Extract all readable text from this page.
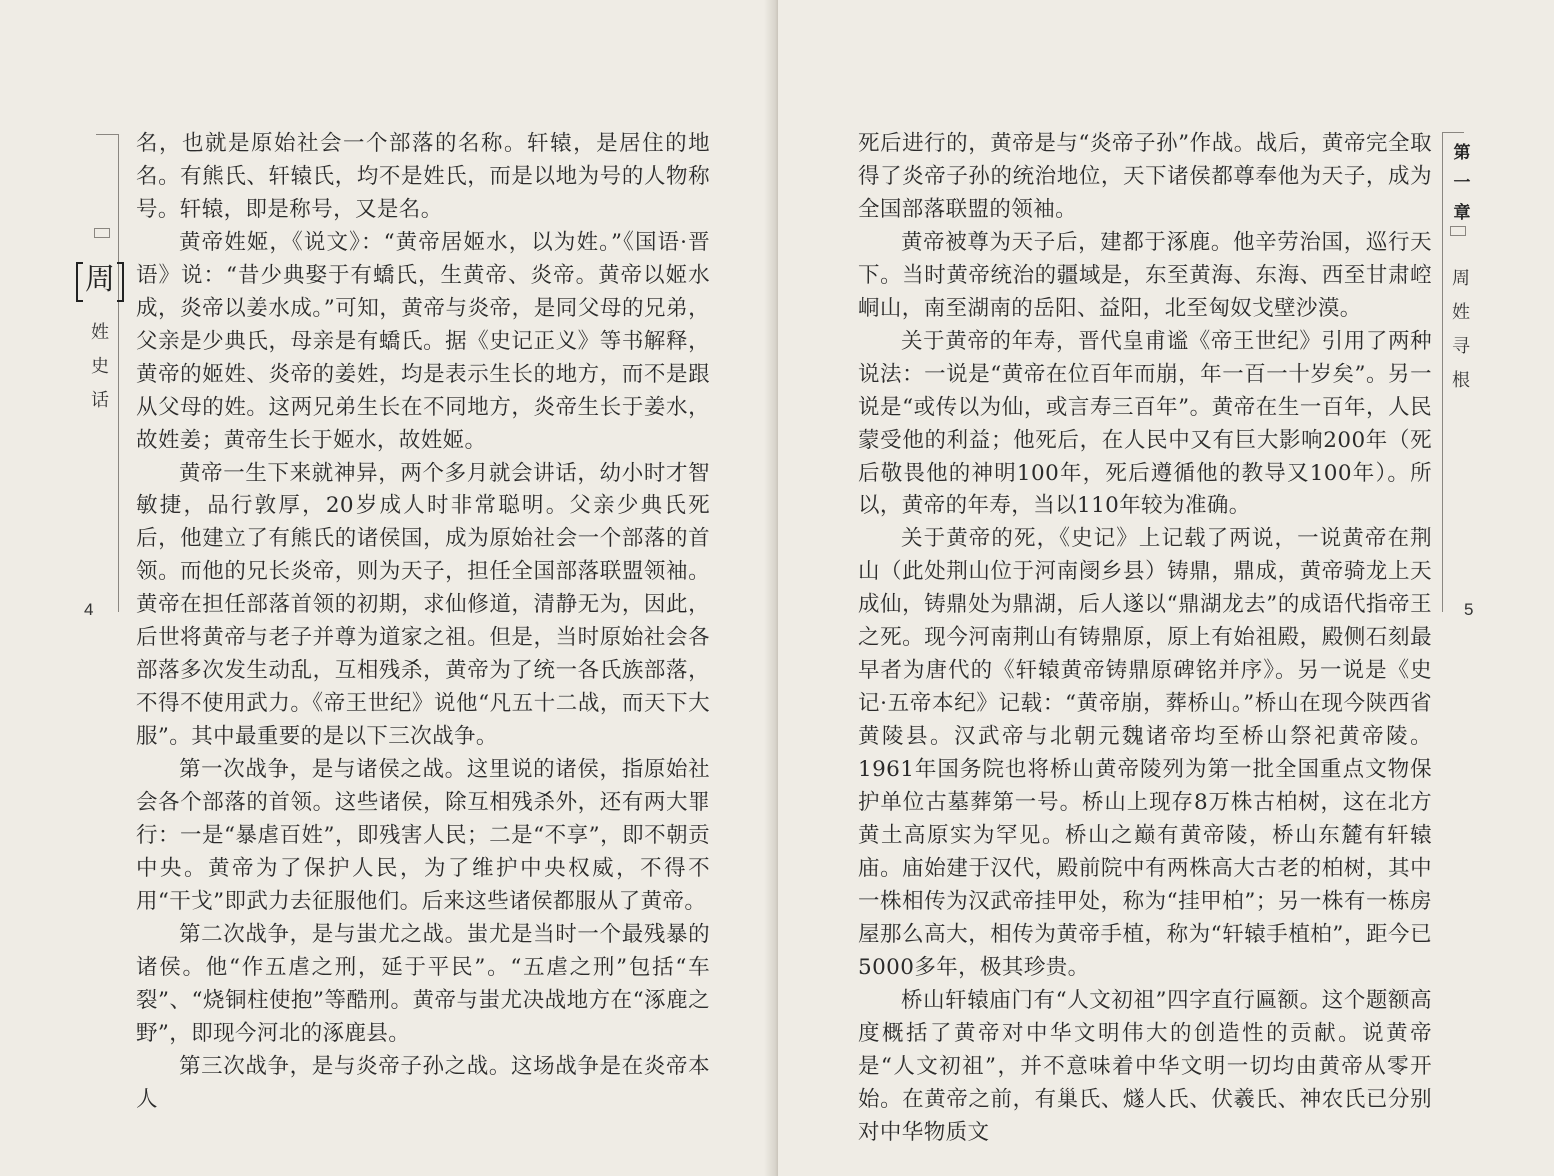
周
姓史话

名，也就是原始社会一个部落的名称。轩辕，是居住的地名。有熊氏、轩辕氏，均不是姓氏，而是以地为号的人物称号。轩辕，即是称号，又是名。

黄帝姓姬，《说文》：“黄帝居姬水，以为姓。”《国语·晋语》说：“昔少典娶于有蟜氏，生黄帝、炎帝。黄帝以姬水成，炎帝以姜水成。”可知，黄帝与炎帝，是同父母的兄弟，父亲是少典氏，母亲是有蟜氏。据《史记正义》等书解释，黄帝的姬姓、炎帝的姜姓，均是表示生长的地方，而不是跟从父母的姓。这两兄弟生长在不同地方，炎帝生长于姜水，故姓姜；黄帝生长于姬水，故姓姬。

黄帝一生下来就神异，两个多月就会讲话，幼小时才智敏捷，品行敦厚，20岁成人时非常聪明。父亲少典氏死后，他建立了有熊氏的诸侯国，成为原始社会一个部落的首领。而他的兄长炎帝，则为天子，担任全国部落联盟领袖。黄帝在担任部落首领的初期，求仙修道，清静无为，因此，后世将黄帝与老子并尊为道家之祖。但是，当时原始社会各部落多次发生动乱，互相残杀，黄帝为了统一各氏族部落，不得不使用武力。《帝王世纪》说他“凡五十二战，而天下大服”。其中最重要的是以下三次战争。

第一次战争，是与诸侯之战。这里说的诸侯，指原始社会各个部落的首领。这些诸侯，除互相残杀外，还有两大罪行：一是“暴虐百姓”，即残害人民；二是“不享”，即不朝贡中央。黄帝为了保护人民，为了维护中央权威，不得不用“干戈”即武力去征服他们。后来这些诸侯都服从了黄帝。

第二次战争，是与蚩尤之战。蚩尤是当时一个最残暴的诸侯。他“作五虐之刑，延于平民”。“五虐之刑”包括“车裂”、“烧铜柱使抱”等酷刑。黄帝与蚩尤决战地方在“涿鹿之野”，即现今河北的涿鹿县。

第三次战争，是与炎帝子孙之战。这场战争是在炎帝本人

4

死后进行的，黄帝是与“炎帝子孙”作战。战后，黄帝完全取得了炎帝子孙的统治地位，天下诸侯都尊奉他为天子，成为全国部落联盟的领袖。

黄帝被尊为天子后，建都于涿鹿。他辛劳治国，巡行天下。当时黄帝统治的疆域是，东至黄海、东海、西至甘肃崆峒山，南至湖南的岳阳、益阳，北至匈奴戈壁沙漠。

关于黄帝的年寿，晋代皇甫谧《帝王世纪》引用了两种说法：一说是“黄帝在位百年而崩，年一百一十岁矣”。另一说是“或传以为仙，或言寿三百年”。黄帝在生一百年，人民蒙受他的利益；他死后，在人民中又有巨大影响200年（死后敬畏他的神明100年，死后遵循他的教导又100年）。所以，黄帝的年寿，当以110年较为准确。

关于黄帝的死，《史记》上记载了两说，一说黄帝在荆山（此处荆山位于河南阌乡县）铸鼎，鼎成，黄帝骑龙上天成仙，铸鼎处为鼎湖，后人遂以“鼎湖龙去”的成语代指帝王之死。现今河南荆山有铸鼎原，原上有始祖殿，殿侧石刻最早者为唐代的《轩辕黄帝铸鼎原碑铭并序》。另一说是《史记·五帝本纪》记载：“黄帝崩，葬桥山。”桥山在现今陕西省黄陵县。汉武帝与北朝元魏诸帝均至桥山祭祀黄帝陵。1961年国务院也将桥山黄帝陵列为第一批全国重点文物保护单位古墓葬第一号。桥山上现存8万株古柏树，这在北方黄土高原实为罕见。桥山之巅有黄帝陵，桥山东麓有轩辕庙。庙始建于汉代，殿前院中有两株高大古老的柏树，其中一株相传为汉武帝挂甲处，称为“挂甲柏”；另一株有一栋房屋那么高大，相传为黄帝手植，称为“轩辕手植柏”，距今已5000多年，极其珍贵。

桥山轩辕庙门有“人文初祖”四字直行匾额。这个题额高度概括了黄帝对中华文明伟大的创造性的贡献。说黄帝是“人文初祖”，并不意味着中华文明一切均由黄帝从零开始。在黄帝之前，有巢氏、燧人氏、伏羲氏、神农氏已分别对中华物质文

第一章
周姓寻根
5
